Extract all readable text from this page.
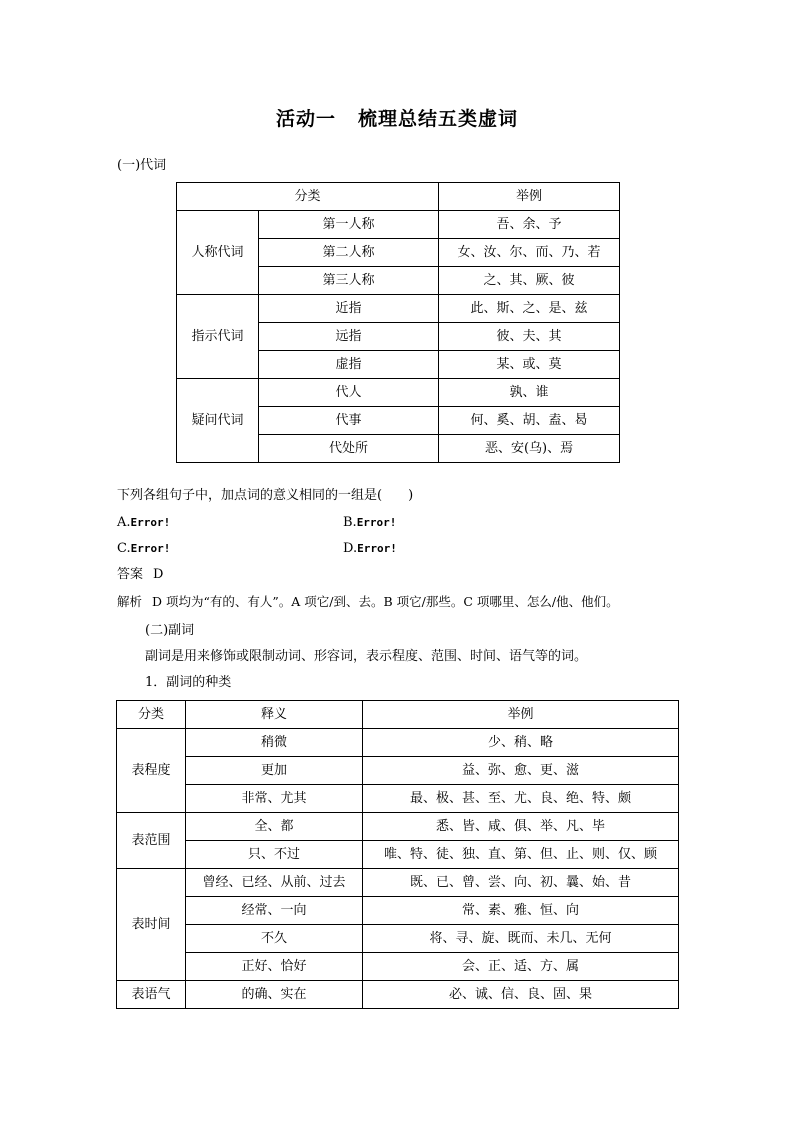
活动一 梳理总结五类虚词
(一)代词
分类		举例
人称代词	第一人称	吾、余、予
	第二人称	女、汝、尔、而、乃、若
	第三人称	之、其、厥、彼
指示代词	近指	此、斯、之、是、兹
	远指	彼、夫、其
	虚指	某、或、莫
疑问代词	代人	孰、谁
	代事	何、奚、胡、盍、曷
	代处所	恶、安(乌)、焉
下列各组句子中，加点词的意义相同的一组是(　　)
A.Error!	B.Error!
C.Error!	D.Error!
答案 D
解析 D 项均为“有的、有人”。A 项它/到、去。B 项它/那些。C 项哪里、怎么/他、他们。
(二)副词
副词是用来修饰或限制动词、形容词，表示程度、范围、时间、语气等的词。
1．副词的种类
分类	释义	举例
表程度	稍微	少、稍、略
	更加	益、弥、愈、更、滋
	非常、尤其	最、极、甚、至、尤、良、绝、特、颇
表范围	全、都	悉、皆、咸、俱、举、凡、毕
	只、不过	唯、特、徒、独、直、第、但、止、则、仅、顾
表时间	曾经、已经、从前、过去	既、已、曾、尝、向、初、曩、始、昔
	经常、一向	常、素、雅、恒、向
	不久	将、寻、旋、既而、未几、无何
	正好、恰好	会、正、适、方、属
表语气	的确、实在	必、诚、信、良、固、果
